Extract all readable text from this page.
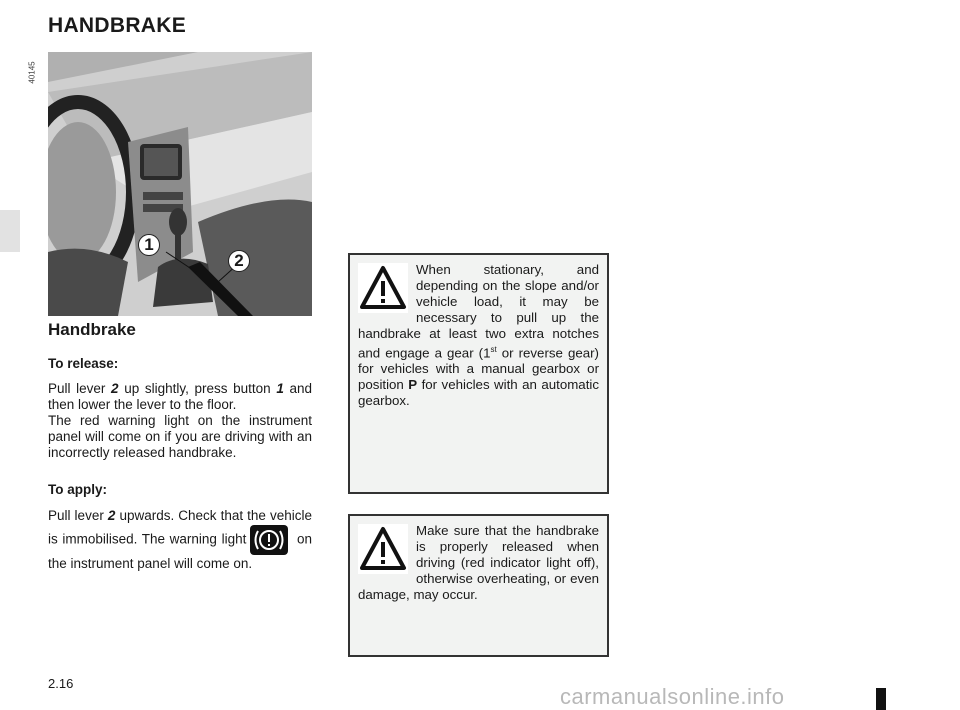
HANDBRAKE
40145
1
2
Handbrake
To release:
Pull lever 2 up slightly, press button 1 and then lower the lever to the floor.
The red warning light on the instrument panel will come on if you are driving with an incorrectly released handbrake.
To apply:
Pull lever 2 upwards. Check that the vehicle is immobilised. The warning light	on the instrument panel will come on.
When stationary, and depending on the slope and/or vehicle load, it may be necessary to pull up the handbrake at least two extra notches and engage a gear (1st or reverse gear) for vehicles with a manual gearbox or position P for vehicles with an automatic gearbox.
Make sure that the handbrake is properly released when driving (red indicator light off), otherwise overheating, or even damage, may occur.
2.16
carmanualsonline.info
